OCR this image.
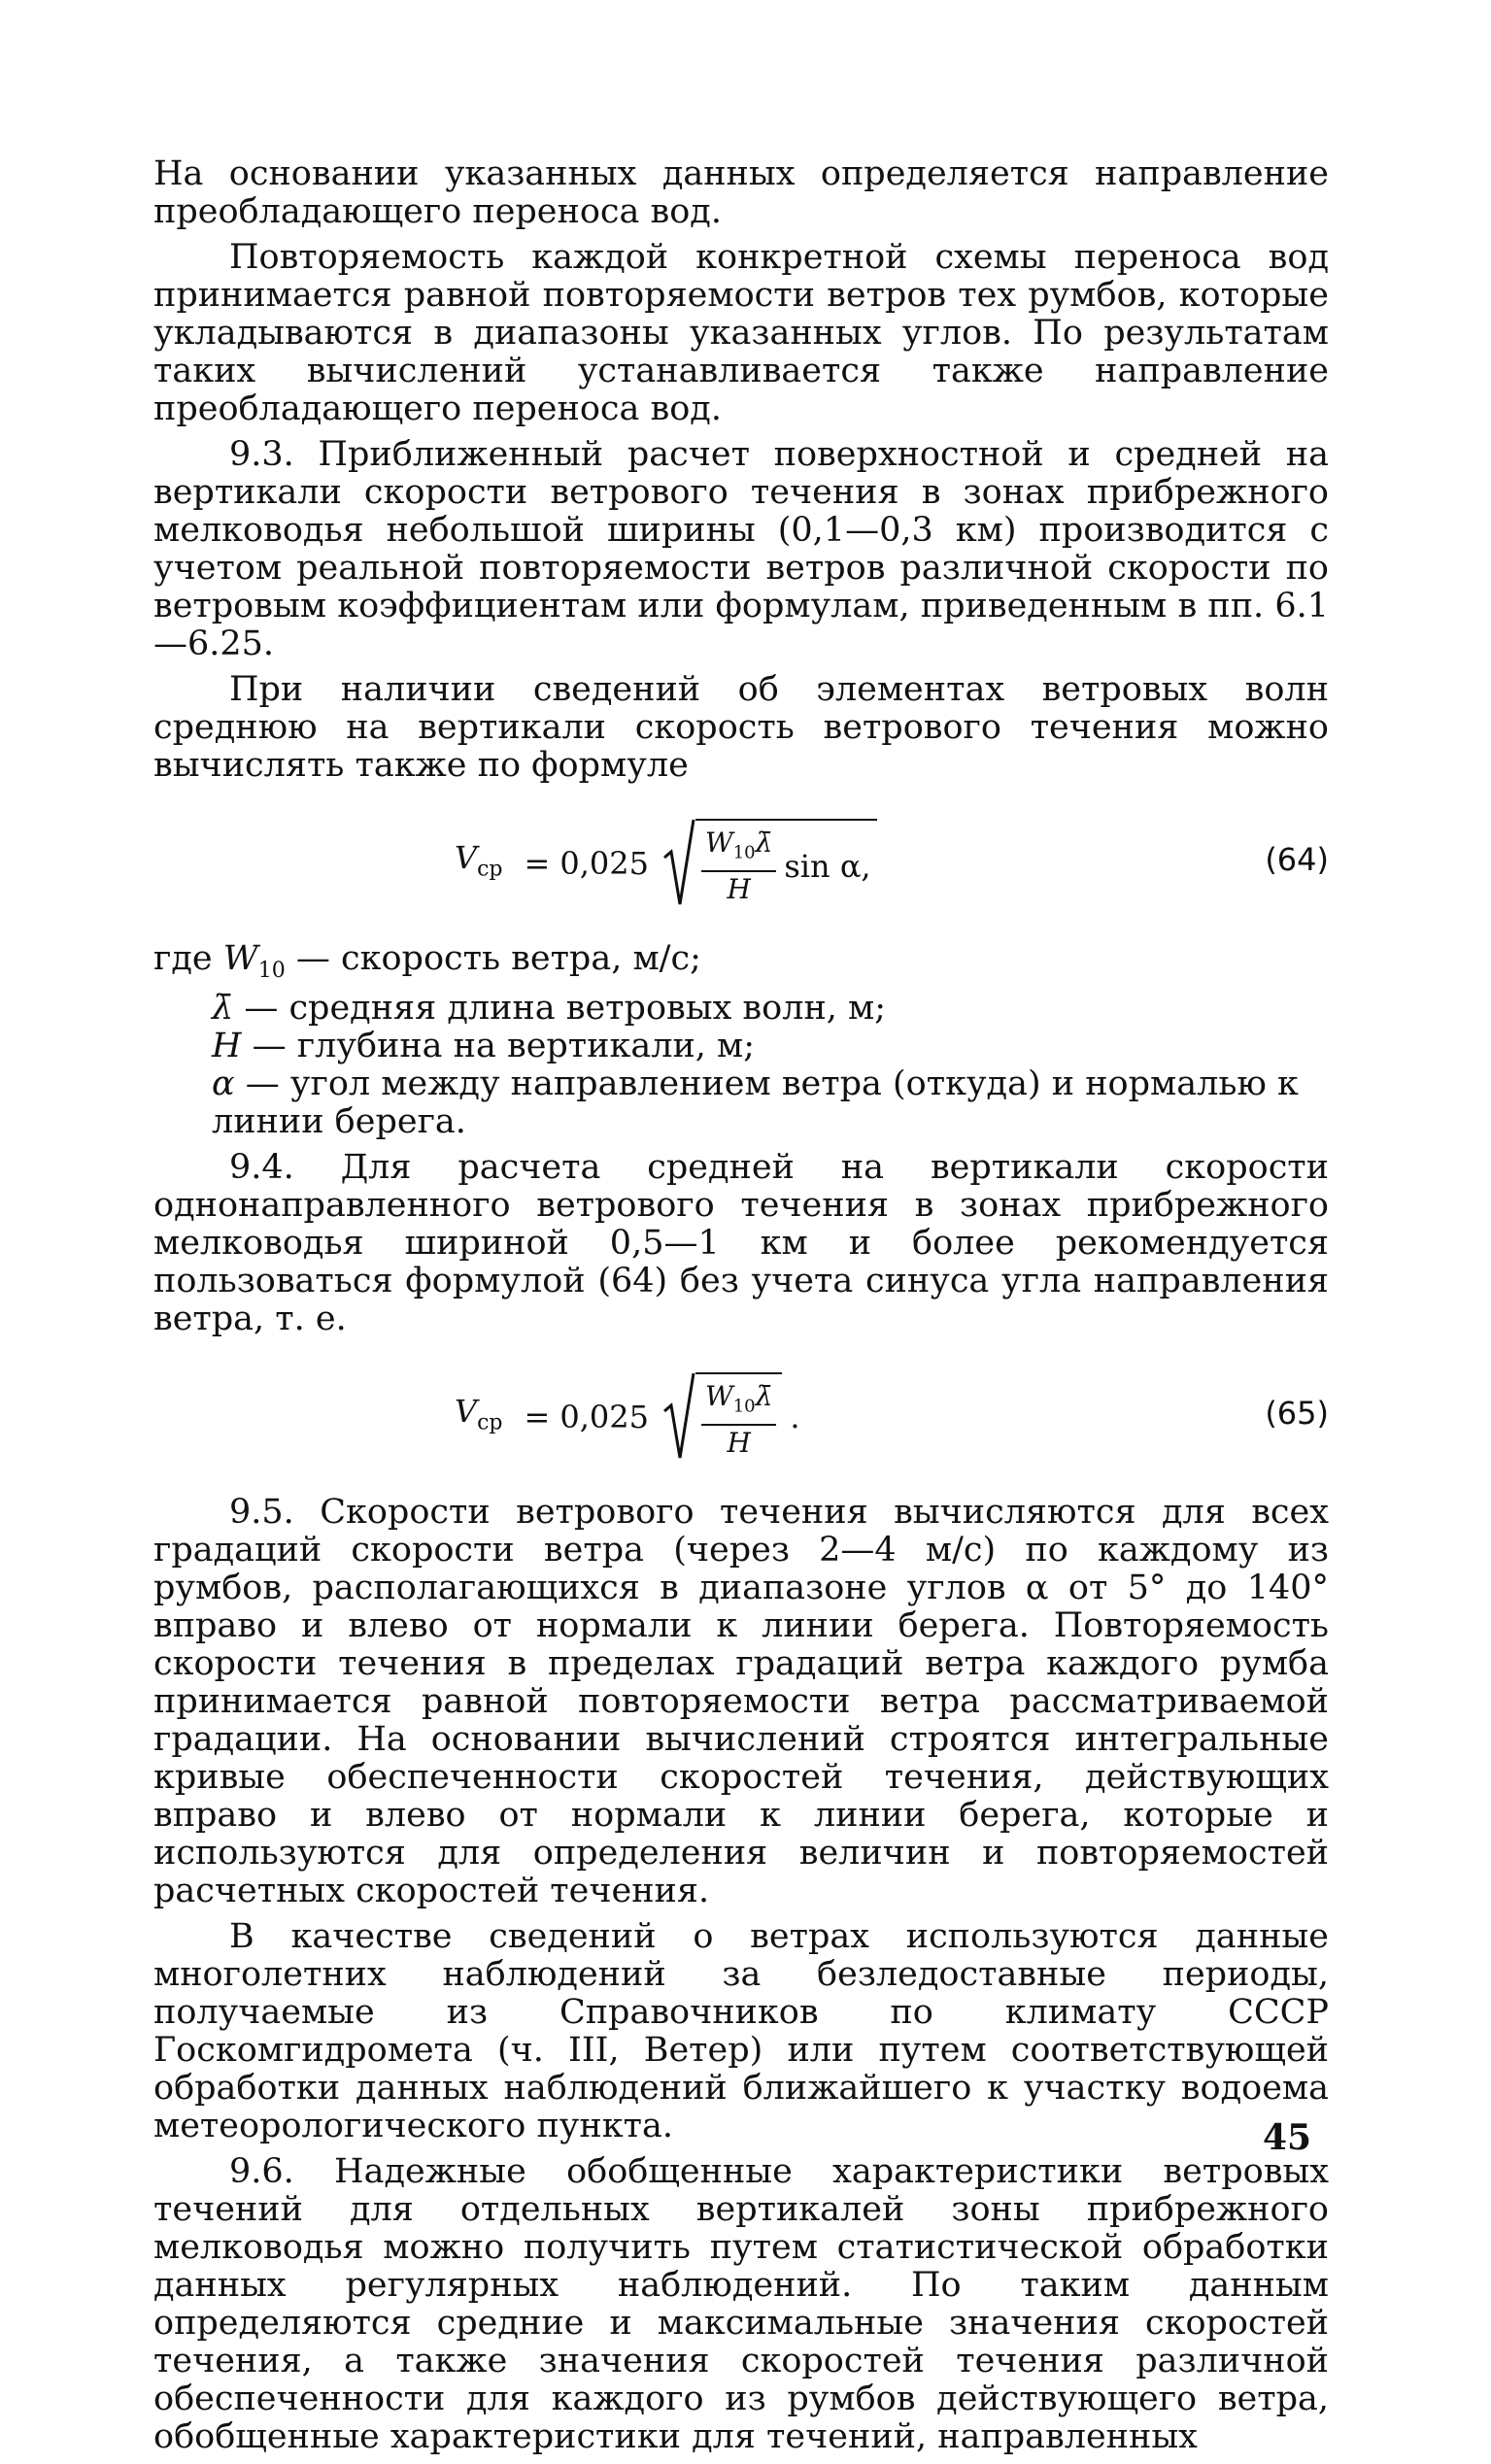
На основании указанных данных определяется направление преобладающего переноса вод.

Повторяемость каждой конкретной схемы переноса вод принимается равной повторяемости ветров тех румбов, которые укладываются в диапазоны указанных углов. По результатам таких вычислений устанавливается также направление преобладающего переноса вод.

9.3. Приближенный расчет поверхностной и средней на вертикали скорости ветрового течения в зонах прибрежного мелководья небольшой ширины (0,1—0,3 км) производится с учетом реальной повторяемости ветров различной скорости по ветровым коэффициентам или формулам, приведенным в пп. 6.1—6.25.

При наличии сведений об элементах ветровых волн среднюю на вертикали скорость ветрового течения можно вычислять также по формуле

$V_{ср} = 0,025 \frac{W_{10}\lambdā}{H}$ sin α,	(64)

где $W_{10}$ — скорость ветра, м/с;

λ̄ — средняя длина ветровых волн, м;

H — глубина на вертикали, м;

α — угол между направлением ветра (откуда) и нормалью к линии берега.

9.4. Для расчета средней на вертикали скорости однонаправленного ветрового течения в зонах прибрежного мелководья шириной 0,5—1 км и более рекомендуется пользоваться формулой (64) без учета синуса угла направления ветра, т. е.

$V_{ср} = 0,025 \frac{W_{10}\lambdā}{H}$ .	(65)

9.5. Скорости ветрового течения вычисляются для всех градаций скорости ветра (через 2—4 м/с) по каждому из румбов, располагающихся в диапазоне углов α от 5° до 140° вправо и влево от нормали к линии берега. Повторяемость скорости течения в пределах градаций ветра каждого румба принимается равной повторяемости ветра рассматриваемой градации. На основании вычислений строятся интегральные кривые обеспеченности скоростей течения, действующих вправо и влево от нормали к линии берега, которые и используются для определения величин и повторяемостей расчетных скоростей течения.

В качестве сведений о ветрах используются данные многолетних наблюдений за безледоставные периоды, получаемые из Справочников по климату СССР Госкомгидромета (ч. III, Ветер) или путем соответствующей обработки данных наблюдений ближайшего к участку водоема метеорологического пункта.

9.6. Надежные обобщенные характеристики ветровых течений для отдельных вертикалей зоны прибрежного мелководья можно получить путем статистической обработки данных регулярных наблюдений. По таким данным определяются средние и максимальные значения скоростей течения, а также значения скоростей течения различной обеспеченности для каждого из румбов действующего ветра, обобщенные характеристики для течений, направленных

45
